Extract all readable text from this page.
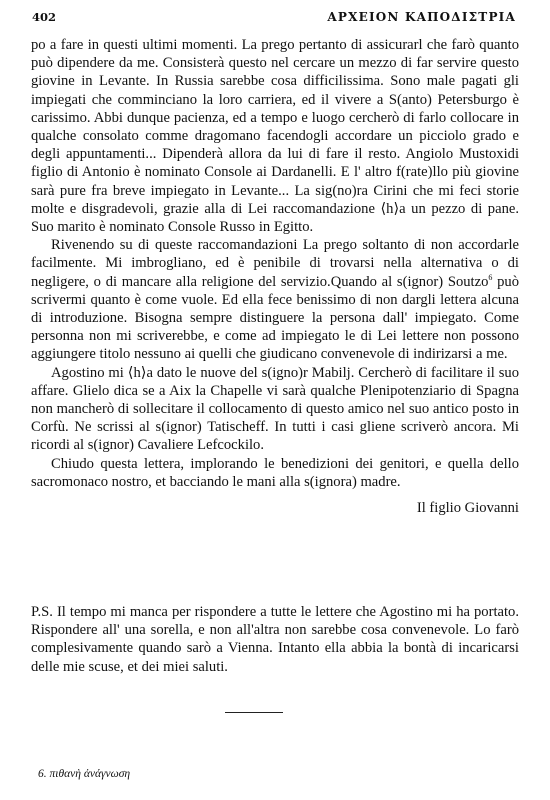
402	ΑΡΧΕΙΟΝ ΚΑΠΟΔΙΣΤΡΙΑ

po a fare in questi ultimi momenti. La prego pertanto di assicurarl che farò quanto può dipendere da me. Consisterà questo nel cercare un mezzo di far servire questo giovine in Levante. In Russia sarebbe cosa difficilissima. Sono male pagati gli impiegati che comminciano la loro carriera, ed il vivere a S(anto) Petersburgo è carissimo. Abbi dunque pacienza, ed a tempo e luogo cercherò di farlo collocare in qualche consolato comme dragomano facendogli accordare un picciolo grado e degli appuntamenti... Dipenderà allora da lui di fare il resto. Angiolo Mustoxidi figlio di Antonio è nominato Console ai Dardanelli. E l' altro f(rate)llo più giovine sarà pure fra breve impiegato in Levante... La sig(no)ra Cirini che mi feci storie molte e disgradevoli, grazie alla di Lei raccomandazione ⟨h⟩a un pezzo di pane. Suo marito è nominato Console Russo in Egitto.

Rivenendo su di queste raccomandazioni La prego soltanto di non accordarle facilmente. Mi imbrogliano, ed è penibile di trovarsi nella alternativa o di negligere, o di mancare alla religione del servizio.Quando al s(ignor) Soutzo$^6$ può scrivermi quanto è come vuole. Ed ella fece benissimo di non dargli lettera alcuna di introduzione. Bisogna sempre distinguere la persona dall' impiegato. Come personna non mi scriverebbe, e come ad impiegato le di Lei lettere non possono aggiungere titolo nessuno ai quelli che giudicano convenevole di indirizarsi a me.

Agostino mi ⟨h⟩a dato le nuove del s(igno)r Mabilj. Cercherò di facilitare il suo affare. Glielo dica se a Aix la Chapelle vi sarà qualche Plenipotenziario di Spagna non mancherò di sollecitare il collocamento di questo amico nel suo antico posto in Corfù. Ne scrissi al s(ignor) Tatischeff. In tutti i casi gliene scriverò ancora. Mi ricordi al s(ignor) Cavaliere Lefcockilo.

Chiudo questa lettera, implorando le benedizioni dei genitori, e quella dello sacromonaco nostro, et bacciando le mani alla s(ignora) madre.

Il figlio Giovanni

P.S. Il tempo mi manca per rispondere a tutte le lettere che Agostino mi ha portato. Rispondere all' una sorella, e non all'altra non sarebbe cosa convenevole. Lo farò complesivamente quando sarò a Vienna. Intanto ella abbia la bontà di incaricarsi delle mie scuse, et dei miei saluti.

6. πιθανὴ ἀνάγνωση
